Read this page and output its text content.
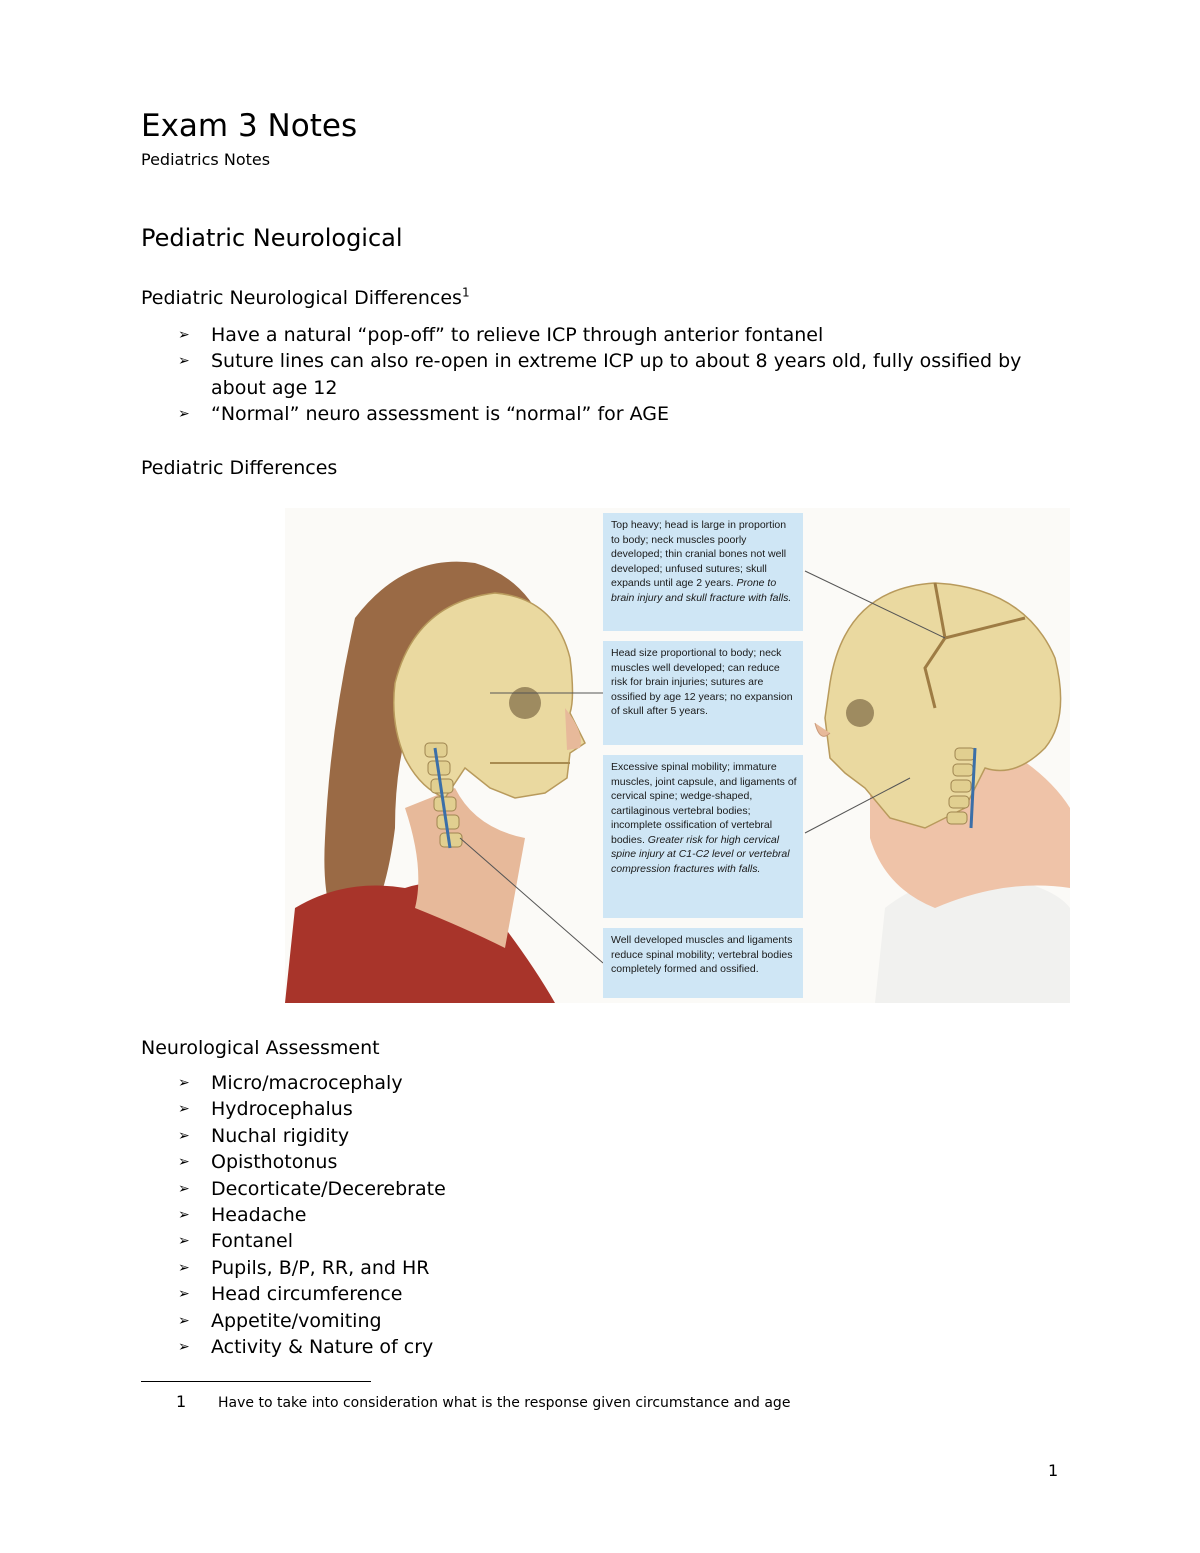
Exam 3 Notes
Pediatrics Notes
Pediatric Neurological
Pediatric Neurological Differences$^1$
➢ Have a natural “pop-off” to relieve ICP through anterior fontanel
➢ Suture lines can also re-open in extreme ICP up to about 8 years old, fully ossified by about age 12
➢ “Normal” neuro assessment is “normal” for AGE
Pediatric Differences
Top heavy; head is large in proportion to body; neck muscles poorly developed; thin cranial bones not well developed; unfused sutures; skull expands until age 2 years. Prone to brain injury and skull fracture with falls.
Head size proportional to body; neck muscles well developed; can reduce risk for brain injuries; sutures are ossified by age 12 years; no expansion of skull after 5 years.
Excessive spinal mobility; immature muscles, joint capsule, and ligaments of cervical spine; wedge-shaped, cartilaginous vertebral bodies; incomplete ossification of vertebral bodies. Greater risk for high cervical spine injury at C1-C2 level or vertebral compression fractures with falls.
Well developed muscles and ligaments reduce spinal mobility; vertebral bodies completely formed and ossified.
Neurological Assessment
➢ Micro/macrocephaly
➢ Hydrocephalus
➢ Nuchal rigidity
➢ Opisthotonus
➢ Decorticate/Decerebrate
➢ Headache
➢ Fontanel
➢ Pupils, B/P, RR, and HR
➢ Head circumference
➢ Appetite/vomiting
➢ Activity & Nature of cry
1 Have to take into consideration what is the response given circumstance and age
1
